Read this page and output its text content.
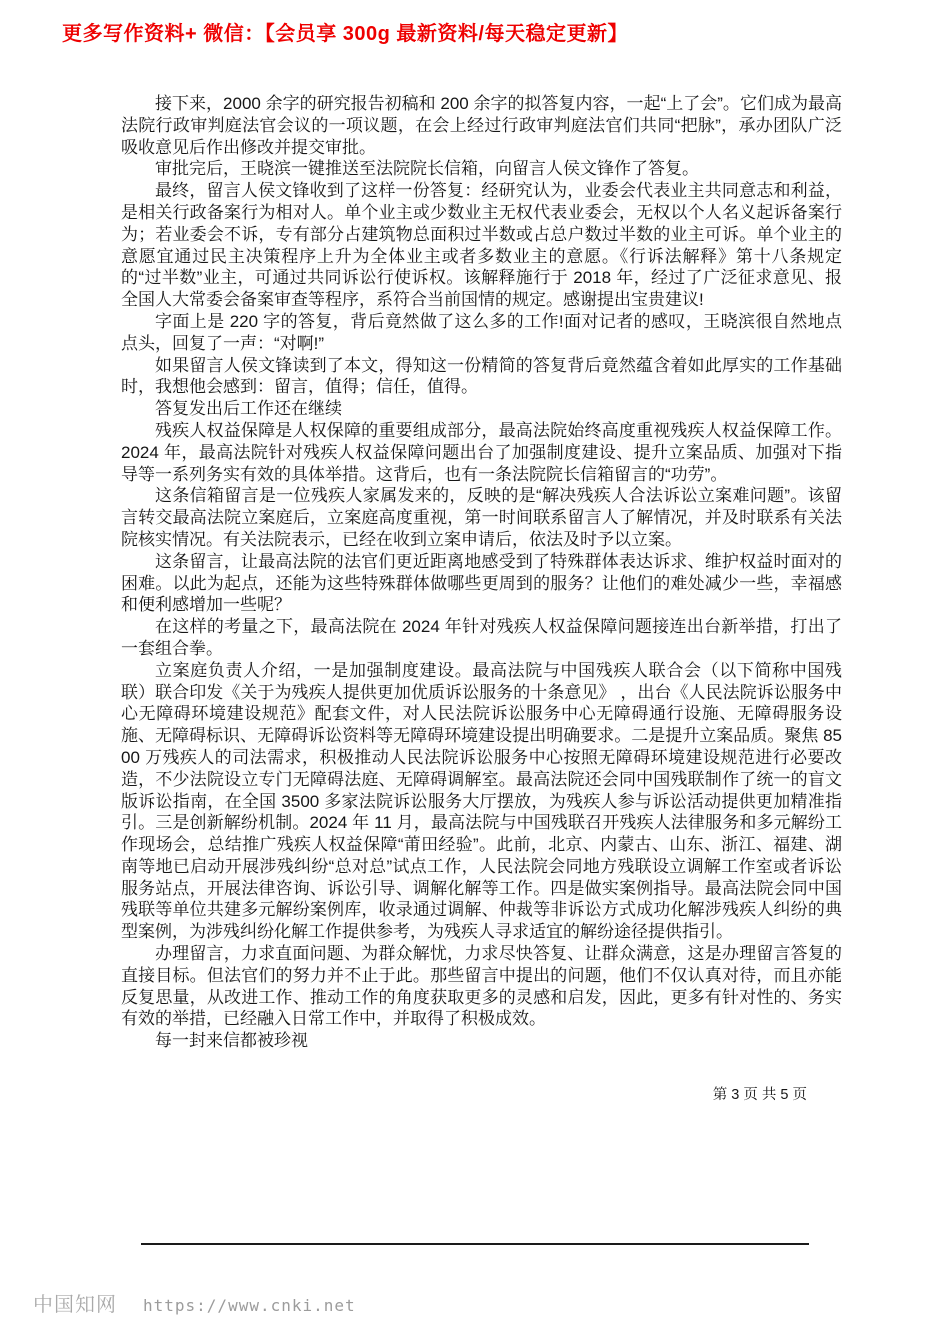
更多写作资料+ 微信：【会员享 300g 最新资料/每天稳定更新】

接下来，2000 余字的研究报告初稿和 200 余字的拟答复内容，一起“上了会”。它们成为最高法院行政审判庭法官会议的一项议题，在会上经过行政审判庭法官们共同“把脉”，承办团队广泛吸收意见后作出修改并提交审批。

审批完后，王晓滨一键推送至法院院长信箱，向留言人侯文锋作了答复。

最终，留言人侯文锋收到了这样一份答复：经研究认为，业委会代表业主共同意志和利益，是相关行政备案行为相对人。单个业主或少数业主无权代表业委会，无权以个人名义起诉备案行为；若业委会不诉，专有部分占建筑物总面积过半数或占总户数过半数的业主可诉。单个业主的意愿宜通过民主决策程序上升为全体业主或者多数业主的意愿。《行诉法解释》第十八条规定的“过半数”业主，可通过共同诉讼行使诉权。该解释施行于 2018 年，经过了广泛征求意见、报全国人大常委会备案审查等程序，系符合当前国情的规定。感谢提出宝贵建议!

字面上是 220 字的答复，背后竟然做了这么多的工作!面对记者的感叹，王晓滨很自然地点点头，回复了一声：“对啊!”

如果留言人侯文锋读到了本文，得知这一份精简的答复背后竟然蕴含着如此厚实的工作基础时，我想他会感到：留言，值得；信任，值得。

答复发出后工作还在继续

残疾人权益保障是人权保障的重要组成部分，最高法院始终高度重视残疾人权益保障工作。2024 年，最高法院针对残疾人权益保障问题出台了加强制度建设、提升立案品质、加强对下指导等一系列务实有效的具体举措。这背后，也有一条法院院长信箱留言的“功劳”。

这条信箱留言是一位残疾人家属发来的，反映的是“解决残疾人合法诉讼立案难问题”。该留言转交最高法院立案庭后，立案庭高度重视，第一时间联系留言人了解情况，并及时联系有关法院核实情况。有关法院表示，已经在收到立案申请后，依法及时予以立案。

这条留言，让最高法院的法官们更近距离地感受到了特殊群体表达诉求、维护权益时面对的困难。以此为起点，还能为这些特殊群体做哪些更周到的服务？让他们的难处减少一些，幸福感和便利感增加一些呢？

在这样的考量之下，最高法院在 2024 年针对残疾人权益保障问题接连出台新举措，打出了一套组合拳。

立案庭负责人介绍，一是加强制度建设。最高法院与中国残疾人联合会（以下简称中国残联）联合印发《关于为残疾人提供更加优质诉讼服务的十条意见》 ，出台《人民法院诉讼服务中心无障碍环境建设规范》配套文件，对人民法院诉讼服务中心无障碍通行设施、无障碍服务设施、无障碍标识、无障碍诉讼资料等无障碍环境建设提出明确要求。二是提升立案品质。聚焦 8500 万残疾人的司法需求，积极推动人民法院诉讼服务中心按照无障碍环境建设规范进行必要改造，不少法院设立专门无障碍法庭、无障碍调解室。最高法院还会同中国残联制作了统一的盲文版诉讼指南，在全国 3500 多家法院诉讼服务大厅摆放，为残疾人参与诉讼活动提供更加精准指引。三是创新解纷机制。2024 年 11 月，最高法院与中国残联召开残疾人法律服务和多元解纷工作现场会，总结推广残疾人权益保障“莆田经验”。此前，北京、内蒙古、山东、浙江、福建、湖南等地已启动开展涉残纠纷“总对总”试点工作，人民法院会同地方残联设立调解工作室或者诉讼服务站点，开展法律咨询、诉讼引导、调解化解等工作。四是做实案例指导。最高法院会同中国残联等单位共建多元解纷案例库，收录通过调解、仲裁等非诉讼方式成功化解涉残疾人纠纷的典型案例，为涉残纠纷化解工作提供参考，为残疾人寻求适宜的解纷途径提供指引。

办理留言，力求直面问题、为群众解忧，力求尽快答复、让群众满意，这是办理留言答复的直接目标。但法官们的努力并不止于此。那些留言中提出的问题，他们不仅认真对待，而且亦能反复思量，从改进工作、推动工作的角度获取更多的灵感和启发，因此，更多有针对性的、务实有效的举措，已经融入日常工作中，并取得了积极成效。

每一封来信都被珍视

第 3 页 共 5 页
中国知网 https://www.cnki.net
